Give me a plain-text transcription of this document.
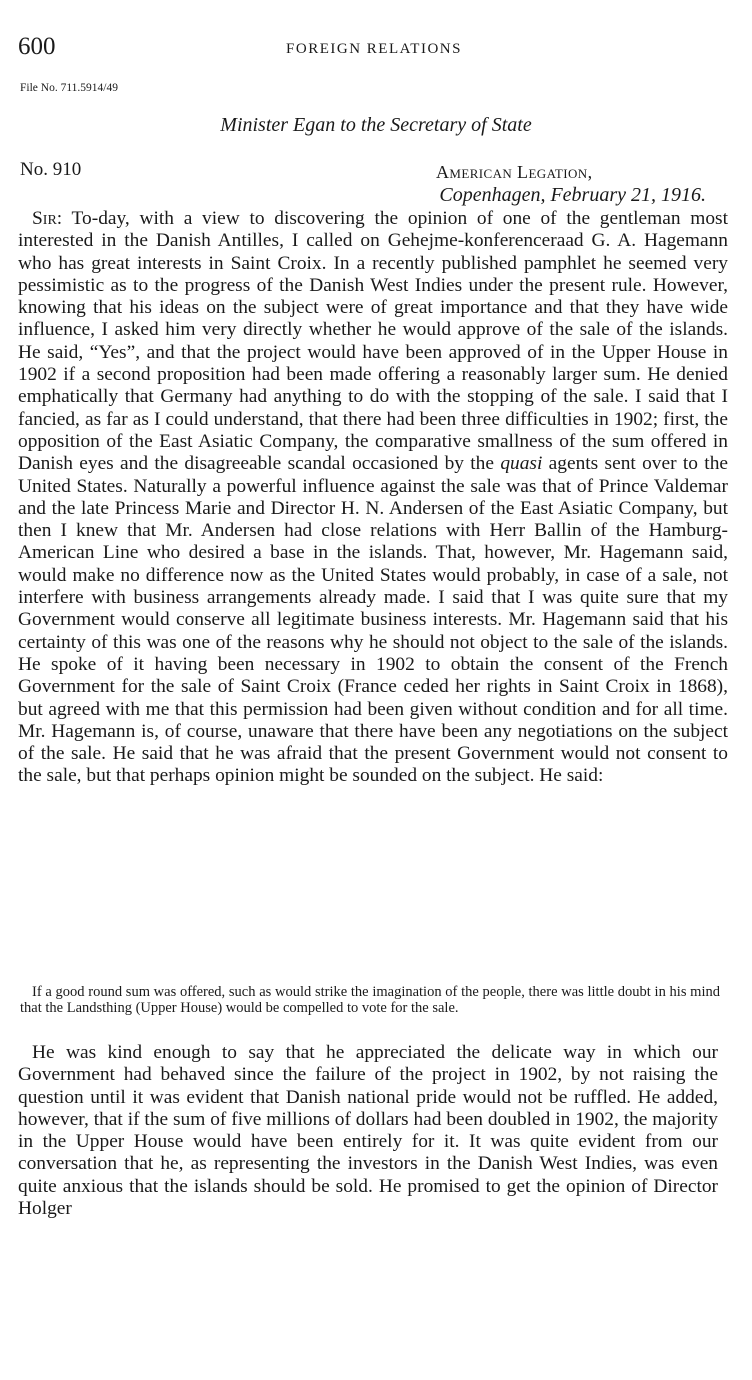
600	FOREIGN RELATIONS
File No. 711.5914/49
Minister Egan to the Secretary of State
No. 910	American Legation,
Copenhagen, February 21, 1916.

Sir: To-day, with a view to discovering the opinion of one of the gentleman most interested in the Danish Antilles, I called on Gehejme-konferenceraad G. A. Hagemann who has great interests in Saint Croix. In a recently published pamphlet he seemed very pessimistic as to the progress of the Danish West Indies under the present rule. However, knowing that his ideas on the subject were of great importance and that they have wide influence, I asked him very directly whether he would approve of the sale of the islands. He said, “Yes”, and that the project would have been approved of in the Upper House in 1902 if a second proposition had been made offering a reasonably larger sum. He denied emphatically that Germany had anything to do with the stopping of the sale. I said that I fancied, as far as I could understand, that there had been three difficulties in 1902; first, the opposition of the East Asiatic Company, the comparative smallness of the sum offered in Danish eyes and the disagreeable scandal occasioned by the quasi agents sent over to the United States. Naturally a powerful influence against the sale was that of Prince Valdemar and the late Princess Marie and Director H. N. Andersen of the East Asiatic Company, but then I knew that Mr. Andersen had close relations with Herr Ballin of the Hamburg-American Line who desired a base in the islands. That, however, Mr. Hagemann said, would make no difference now as the United States would probably, in case of a sale, not interfere with business arrangements already made. I said that I was quite sure that my Government would conserve all legitimate business interests. Mr. Hagemann said that his certainty of this was one of the reasons why he should not object to the sale of the islands. He spoke of it having been necessary in 1902 to obtain the consent of the French Government for the sale of Saint Croix (France ceded her rights in Saint Croix in 1868), but agreed with me that this permission had been given without condition and for all time. Mr. Hagemann is, of course, unaware that there have been any negotiations on the subject of the sale. He said that he was afraid that the present Government would not consent to the sale, but that perhaps opinion might be sounded on the subject. He said:

If a good round sum was offered, such as would strike the imagination of the people, there was little doubt in his mind that the Landsthing (Upper House) would be compelled to vote for the sale.

He was kind enough to say that he appreciated the delicate way in which our Government had behaved since the failure of the project in 1902, by not raising the question until it was evident that Danish national pride would not be ruffled. He added, however, that if the sum of five millions of dollars had been doubled in 1902, the majority in the Upper House would have been entirely for it. It was quite evident from our conversation that he, as representing the investors in the Danish West Indies, was even quite anxious that the islands should be sold. He promised to get the opinion of Director Holger
